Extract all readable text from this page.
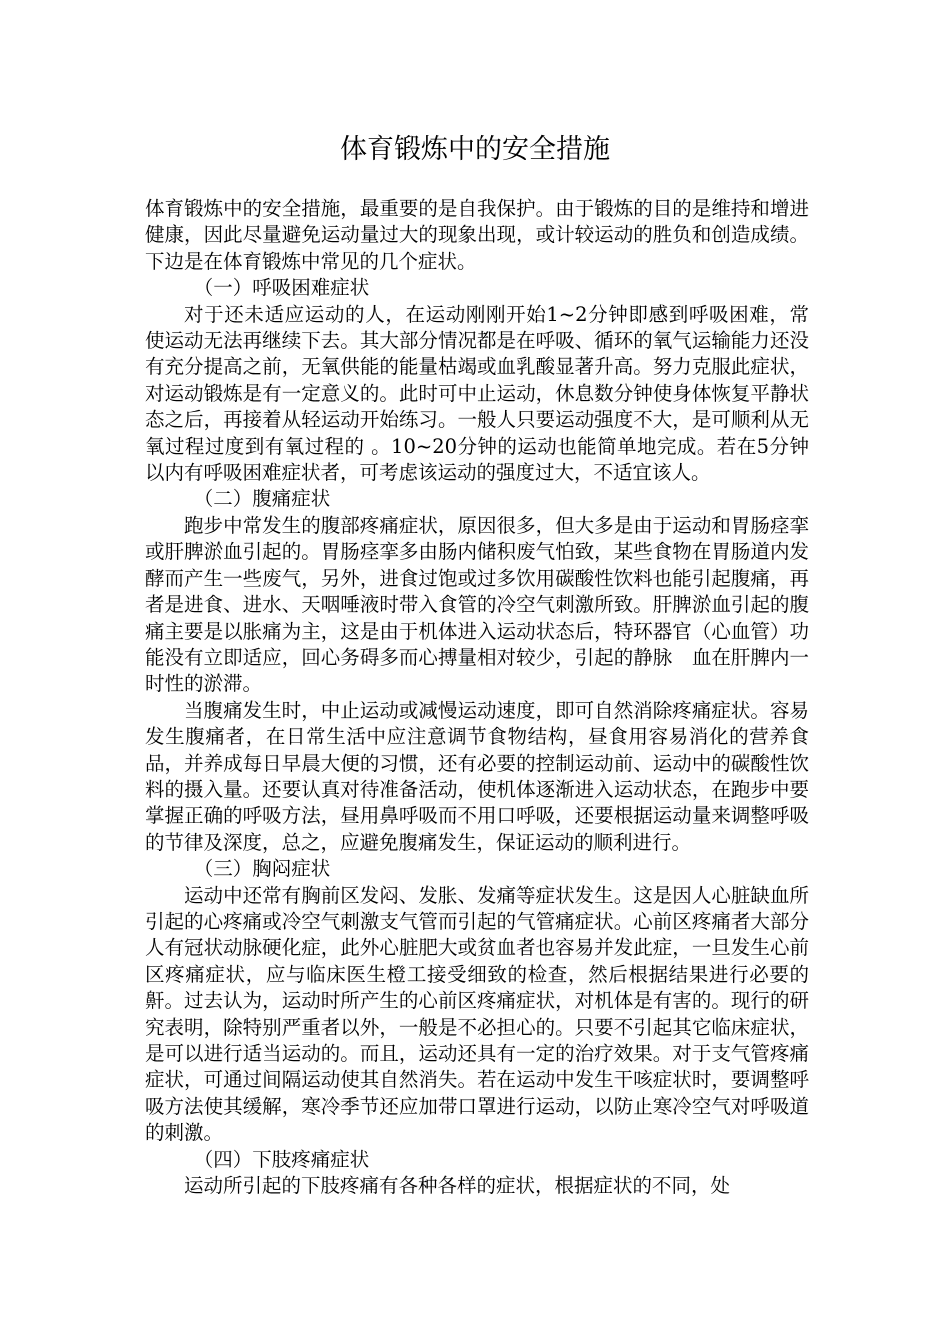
体育锻炼中的安全措施

体育锻炼中的安全措施，最重要的是自我保护。由于锻炼的目的是维持和增进健康，因此尽量避免运动量过大的现象出现，或计较运动的胜负和创造成绩。下边是在体育锻炼中常见的几个症状。

（一）呼吸困难症状

对于还未适应运动的人，在运动刚刚开始1~2分钟即感到呼吸困难，常使运动无法再继续下去。其大部分情况都是在呼吸、循环的氧气运输能力还没有充分提高之前，无氧供能的能量枯竭或血乳酸显著升高。努力克服此症状，对运动锻炼是有一定意义的。此时可中止运动，休息数分钟使身体恢复平静状态之后，再接着从轻运动开始练习。一般人只要运动强度不大，是可顺利从无氧过程过度到有氧过程的 。10~20分钟的运动也能简单地完成。若在5分钟以内有呼吸困难症状者，可考虑该运动的强度过大，不适宜该人。

（二）腹痛症状

跑步中常发生的腹部疼痛症状，原因很多，但大多是由于运动和胃肠痉挛或肝脾淤血引起的。胃肠痉挛多由肠内储积废气怕致，某些食物在胃肠道内发酵而产生一些废气，另外，进食过饱或过多饮用碳酸性饮料也能引起腹痛，再者是进食、进水、天咽唾液时带入食管的冷空气刺激所致。肝脾淤血引起的腹痛主要是以胀痛为主，这是由于机体进入运动状态后，特环器官（心血管）功能没有立即适应，回心务碍多而心搏量相对较少，引起的静脉　血在肝脾内一时性的淤滞。

当腹痛发生时，中止运动或减慢运动速度，即可自然消除疼痛症状。容易发生腹痛者，在日常生活中应注意调节食物结构，昼食用容易消化的营养食品，并养成每日早晨大便的习惯，还有必要的控制运动前、运动中的碳酸性饮料的摄入量。还要认真对待准备活动，使机体逐渐进入运动状态，在跑步中要掌握正确的呼吸方法，昼用鼻呼吸而不用口呼吸，还要根据运动量来调整呼吸的节律及深度，总之，应避免腹痛发生，保证运动的顺利进行。

（三）胸闷症状

运动中还常有胸前区发闷、发胀、发痛等症状发生。这是因人心脏缺血所引起的心疼痛或冷空气刺激支气管而引起的气管痛症状。心前区疼痛者大部分人有冠状动脉硬化症，此外心脏肥大或贫血者也容易并发此症，一旦发生心前区疼痛症状，应与临床医生橙工接受细致的检查，然后根据结果进行必要的鼾。过去认为，运动时所产生的心前区疼痛症状，对机体是有害的。现行的研究表明，除特别严重者以外，一般是不必担心的。只要不引起其它临床症状，是可以进行适当运动的。而且，运动还具有一定的治疗效果。对于支气管疼痛症状，可通过间隔运动使其自然消失。若在运动中发生干咳症状时，要调整呼吸方法使其缓解，寒冷季节还应加带口罩进行运动，以防止寒冷空气对呼吸道的刺激。

（四）下肢疼痛症状

运动所引起的下肢疼痛有各种各样的症状，根据症状的不同，处
